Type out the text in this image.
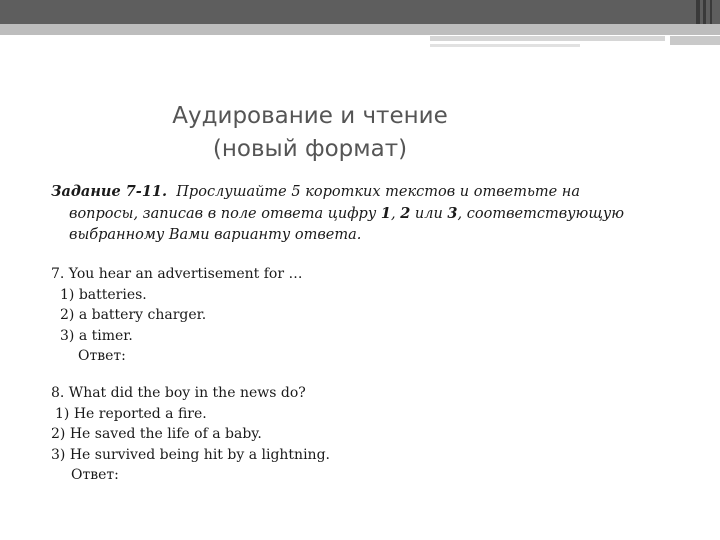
Аудирование и чтение
(новый формат)

Задание 7-11. Прослушайте 5 коротких текстов и ответьте на
вопросы, записав в поле ответа цифру 1, 2 или 3, соответствующую
выбранному Вами варианту ответа.

7. You hear an advertisement for …
1) batteries.
2) a battery charger.
3) a timer.
Ответ:
8. What did the boy in the news do?
1) He reported a fire.
2) He saved the life of a baby.
3) He survived being hit by a lightning.
Ответ:
